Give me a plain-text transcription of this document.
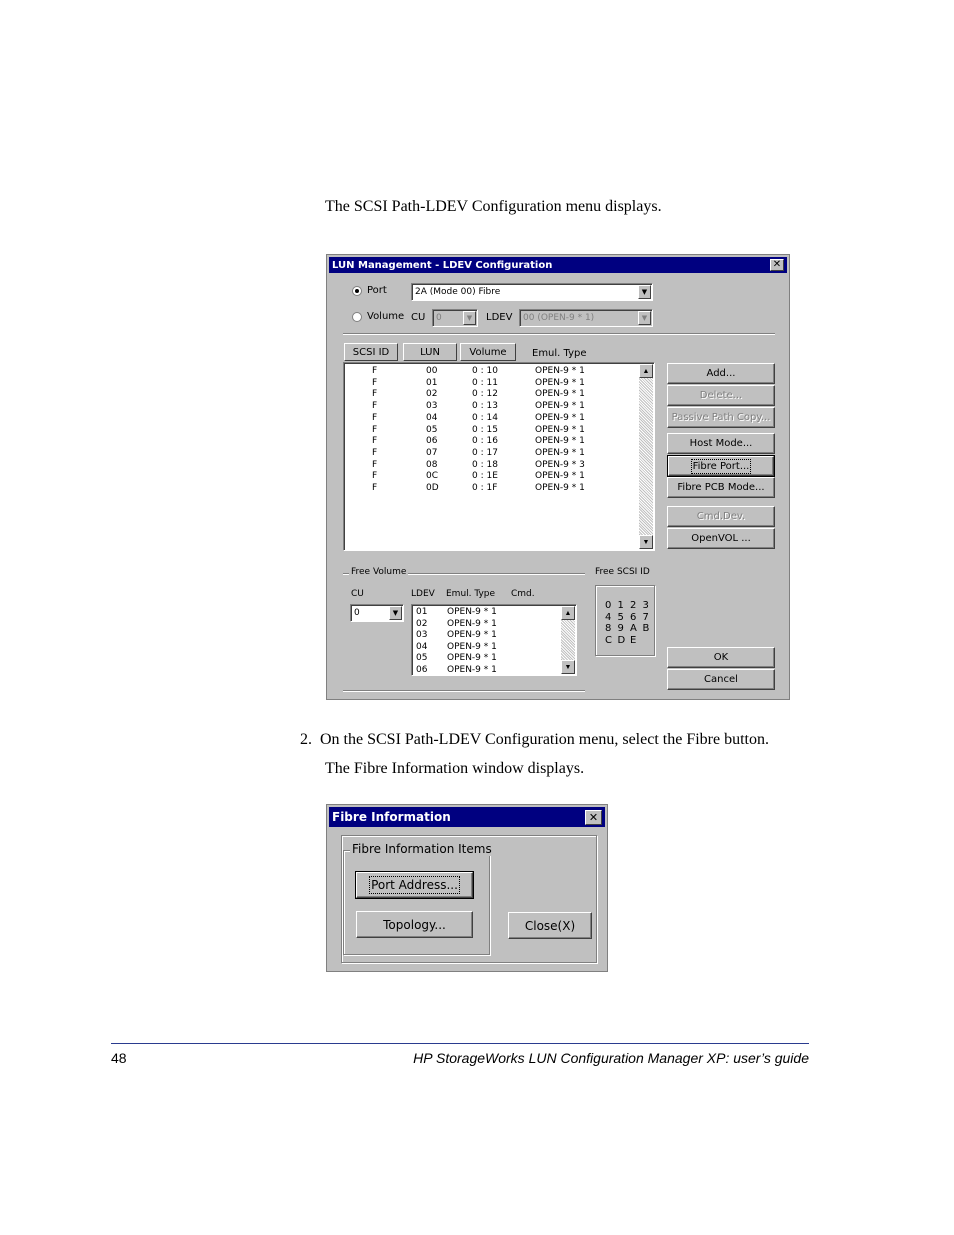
The SCSI Path-LDEV Configuration menu displays.
LUN Management - LDEV Configuration	✕
Port	2A (Mode 00) Fibre	▼
Volume CU 0	▼	LDEV 00 (OPEN-9 * 1)	▼
SCSI ID	LUN	Volume	Emul. Type
F	00	0 : 10	OPEN-9 * 1
F	01	0 : 11	OPEN-9 * 1
F	02	0 : 12	OPEN-9 * 1
F	03	0 : 13	OPEN-9 * 1
F	04	0 : 14	OPEN-9 * 1
F	05	0 : 15	OPEN-9 * 1
F	06	0 : 16	OPEN-9 * 1
F	07	0 : 17	OPEN-9 * 1
F	08	0 : 18	OPEN-9 * 3
F	0C	0 : 1E	OPEN-9 * 1
F	0D	0 : 1F	OPEN-9 * 1
▲
▼
Add...
Delete...
Passive Path Copy...
Host Mode...
Fibre Port...
Fibre PCB Mode...
Cmd.Dev.
OpenVOL ...
Free Volume
CU	LDEV Emul. Type Cmd.
0	▼	01 OPEN-9 * 1
02 OPEN-9 * 1
03 OPEN-9 * 1
04 OPEN-9 * 1
05 OPEN-9 * 1
06 OPEN-9 * 1
▲
▼
Free SCSI ID
0 1 2 3
4 5 6 7
8 9 A B
C D E
OK
Cancel
2.  On the SCSI Path-LDEV Configuration menu, select the Fibre button.
The Fibre Information window displays.
Fibre Information	✕
Fibre Information Items
Port Address...
Topology...	Close(X)
48	HP StorageWorks LUN Configuration Manager XP: user’s guide
